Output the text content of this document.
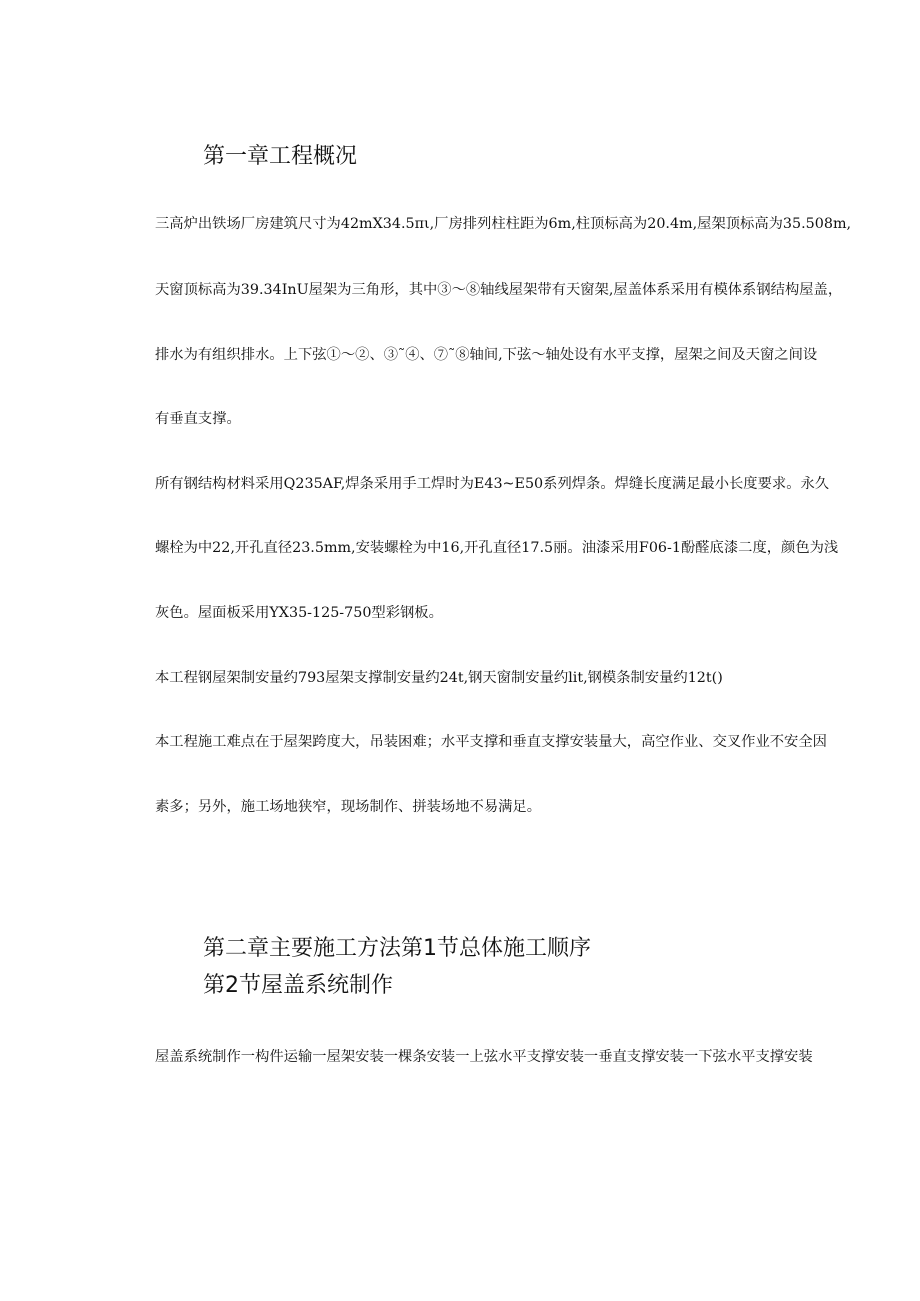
第一章工程概况
三高炉出铁场厂房建筑尺寸为42mX34.5πι,厂房排列柱柱距为6m,柱顶标高为20.4m,屋架顶标高为35.508m,
天窗顶标高为39.34InU屋架为三角形，其中③～⑧轴线屋架带有天窗架,屋盖体系采用有模体系钢结构屋盖，
排水为有组织排水。上下弦①～②、③˜④、⑦˜⑧轴间,下弦～轴处设有水平支撑，屋架之间及天窗之间设
有垂直支撑。
所有钢结构材料采用Q235AF,焊条采用手工焊时为E43~E50系列焊条。焊缝长度满足最小长度要求。永久
螺栓为中22,开孔直径23.5mm,安装螺栓为中16,开孔直径17.5丽。油漆采用F06-1酚醛底漆二度，颜色为浅
灰色。屋面板采用YX35-125-750型彩钢板。
本工程钢屋架制安量约793屋架支撑制安量约24t,钢天窗制安量约lit,钢模条制安量约12t()
本工程施工难点在于屋架跨度大，吊装困难；水平支撑和垂直支撑安装量大，高空作业、交叉作业不安全因
素多；另外，施工场地狭窄，现场制作、拼装场地不易满足。
第二章主要施工方法第1节总体施工顺序
第2节屋盖系统制作
屋盖系统制作一构件运输一屋架安装一棵条安装一上弦水平支撑安装一垂直支撑安装一下弦水平支撑安装
